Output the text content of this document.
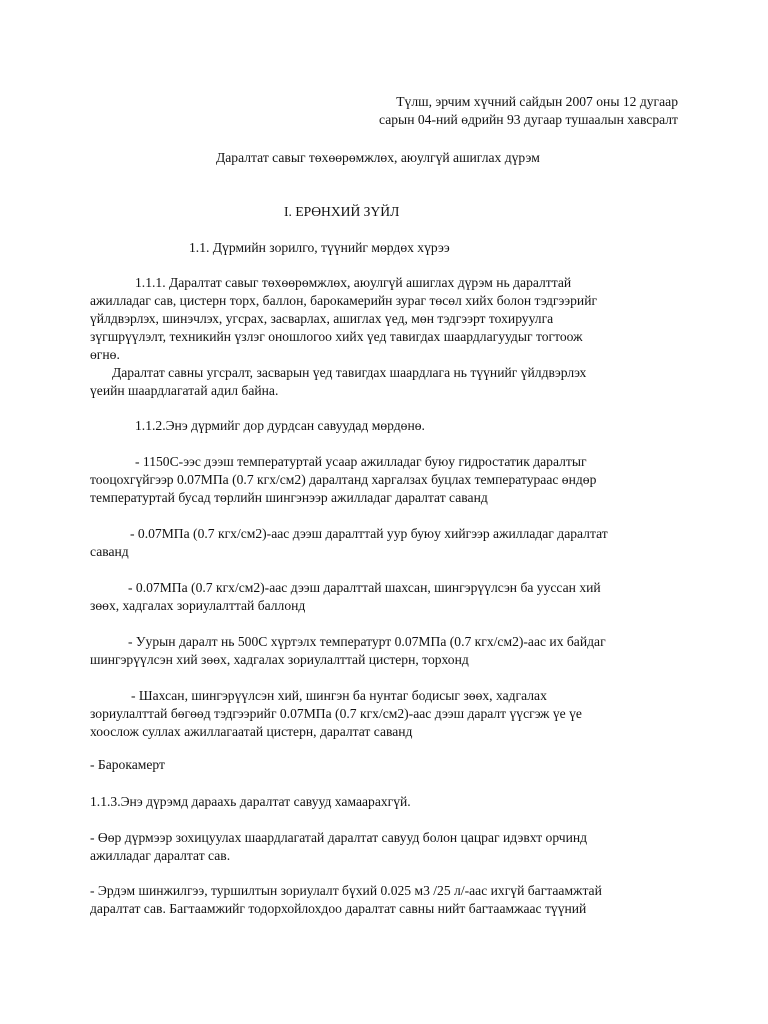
Түлш, эрчим хүчний сайдын 2007 оны 12 дугаар
сарын 04-ний өдрийн 93 дугаар тушаалын хавсралт
Даралтат савыг төхөөрөмжлөх, аюулгүй ашиглах дүрэм
I. ЕРӨНХИЙ ЗҮЙЛ
1.1. Дүрмийн зорилго, түүнийг мөрдөх хүрээ
1.1.1. Даралтат савыг төхөөрөмжлөх, аюулгүй ашиглах дүрэм нь даралттай
ажилладаг сав, цистерн торх, баллон, барокамерийн зураг төсөл хийх болон тэдгээрийг
үйлдвэрлэх, шинэчлэх, угсрах, засварлах, ашиглах үед, мөн тэдгээрт тохируулга
зүгшрүүлэлт, техникийн үзлэг оношлогоо хийх үед тавигдах шаардлагуудыг тогтоож
өгнө.
Даралтат савны угсралт, засварын үед тавигдах шаардлага нь түүнийг үйлдвэрлэх
үеийн шаардлагатай адил байна.
1.1.2.Энэ дүрмийг дор дурдсан савуудад мөрдөнө.
- 1150С-ээс дээш температуртай усаар ажилладаг буюу гидростатик даралтыг
тооцохгүйгээр 0.07МПа (0.7 кгх/см2) даралтанд харгалзах буцлах температураас өндөр
температуртай бусад төрлийн шингэнээр ажилладаг даралтат саванд
- 0.07МПа (0.7 кгх/см2)-аас дээш даралттай уур буюу хийгээр ажилладаг даралтат
саванд
- 0.07МПа (0.7 кгх/см2)-аас дээш даралттай шахсан, шингэрүүлсэн ба ууссан хий
зөөх, хадгалах зориулалттай баллонд
- Уурын даралт нь 500С хүртэлх температурт 0.07МПа (0.7 кгх/см2)-аас их байдаг
шингэрүүлсэн хий зөөх, хадгалах зориулалттай цистерн, торхонд
- Шахсан, шингэрүүлсэн хий, шингэн ба нунтаг бодисыг зөөх, хадгалах
зориулалттай бөгөөд тэдгээрийг 0.07МПа (0.7 кгх/см2)-аас дээш даралт үүсгэж үе үе
хоослож суллах ажиллагаатай цистерн, даралтат саванд
- Барокамерт
1.1.3.Энэ дүрэмд дараахь даралтат савууд хамаарахгүй.
- Өөр дүрмээр зохицуулах шаардлагатай даралтат савууд болон цацраг идэвхт орчинд
ажилладаг даралтат сав.
- Эрдэм шинжилгээ, туршилтын зориулалт бүхий 0.025 м3 /25 л/-аас ихгүй багтаамжтай
даралтат сав. Багтаамжийг тодорхойлохдоо даралтат савны нийт багтаамжаас түүний
